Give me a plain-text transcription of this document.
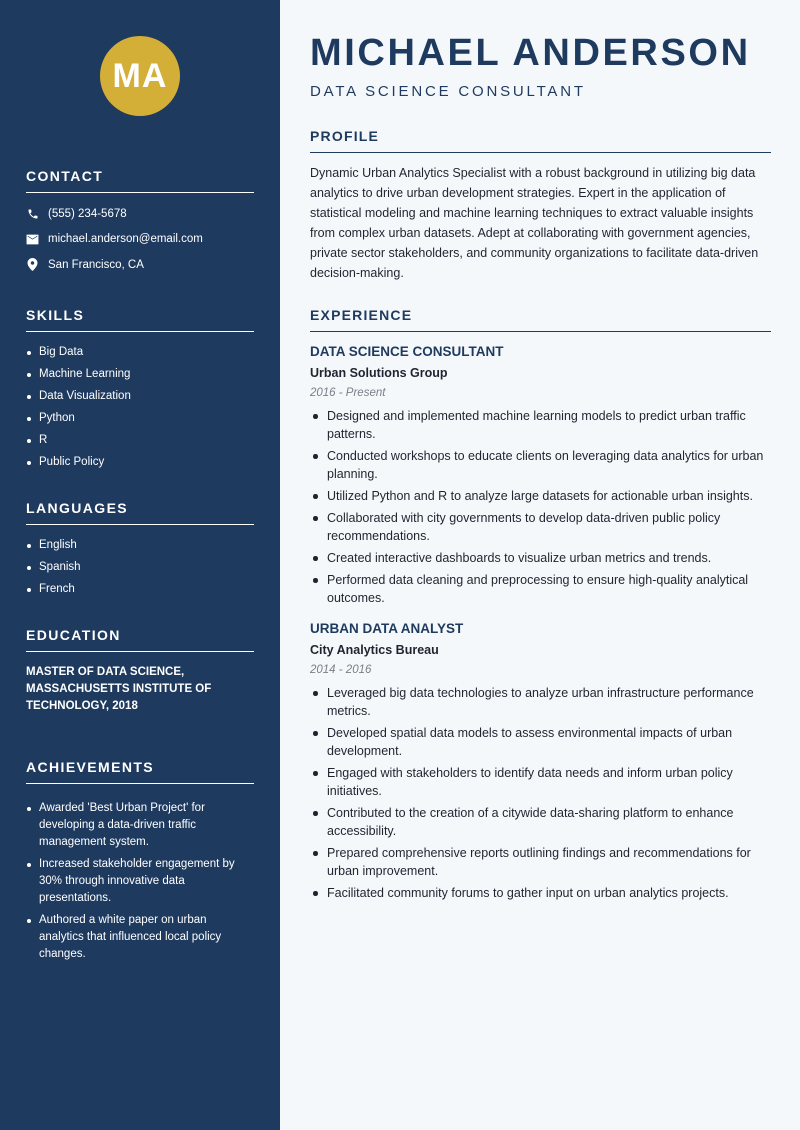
MA
CONTACT
(555) 234-5678
michael.anderson@email.com
San Francisco, CA
SKILLS
Big Data
Machine Learning
Data Visualization
Python
R
Public Policy
LANGUAGES
English
Spanish
French
EDUCATION

MASTER OF DATA SCIENCE, MASSACHUSETTS INSTITUTE OF TECHNOLOGY, 2018

ACHIEVEMENTS
Awarded 'Best Urban Project' for developing a data-driven traffic management system.
Increased stakeholder engagement by 30% through innovative data presentations.
Authored a white paper on urban analytics that influenced local policy changes.
MICHAEL ANDERSON
DATA SCIENCE CONSULTANT
PROFILE

Dynamic Urban Analytics Specialist with a robust background in utilizing big data analytics to drive urban development strategies. Expert in the application of statistical modeling and machine learning techniques to extract valuable insights from complex urban datasets. Adept at collaborating with government agencies, private sector stakeholders, and community organizations to facilitate data-driven decision-making.

EXPERIENCE
DATA SCIENCE CONSULTANT
Urban Solutions Group
2016 - Present
Designed and implemented machine learning models to predict urban traffic patterns.
Conducted workshops to educate clients on leveraging data analytics for urban planning.
Utilized Python and R to analyze large datasets for actionable urban insights.
Collaborated with city governments to develop data-driven public policy recommendations.
Created interactive dashboards to visualize urban metrics and trends.
Performed data cleaning and preprocessing to ensure high-quality analytical outcomes.
URBAN DATA ANALYST
City Analytics Bureau
2014 - 2016
Leveraged big data technologies to analyze urban infrastructure performance metrics.
Developed spatial data models to assess environmental impacts of urban development.
Engaged with stakeholders to identify data needs and inform urban policy initiatives.
Contributed to the creation of a citywide data-sharing platform to enhance accessibility.
Prepared comprehensive reports outlining findings and recommendations for urban improvement.
Facilitated community forums to gather input on urban analytics projects.
